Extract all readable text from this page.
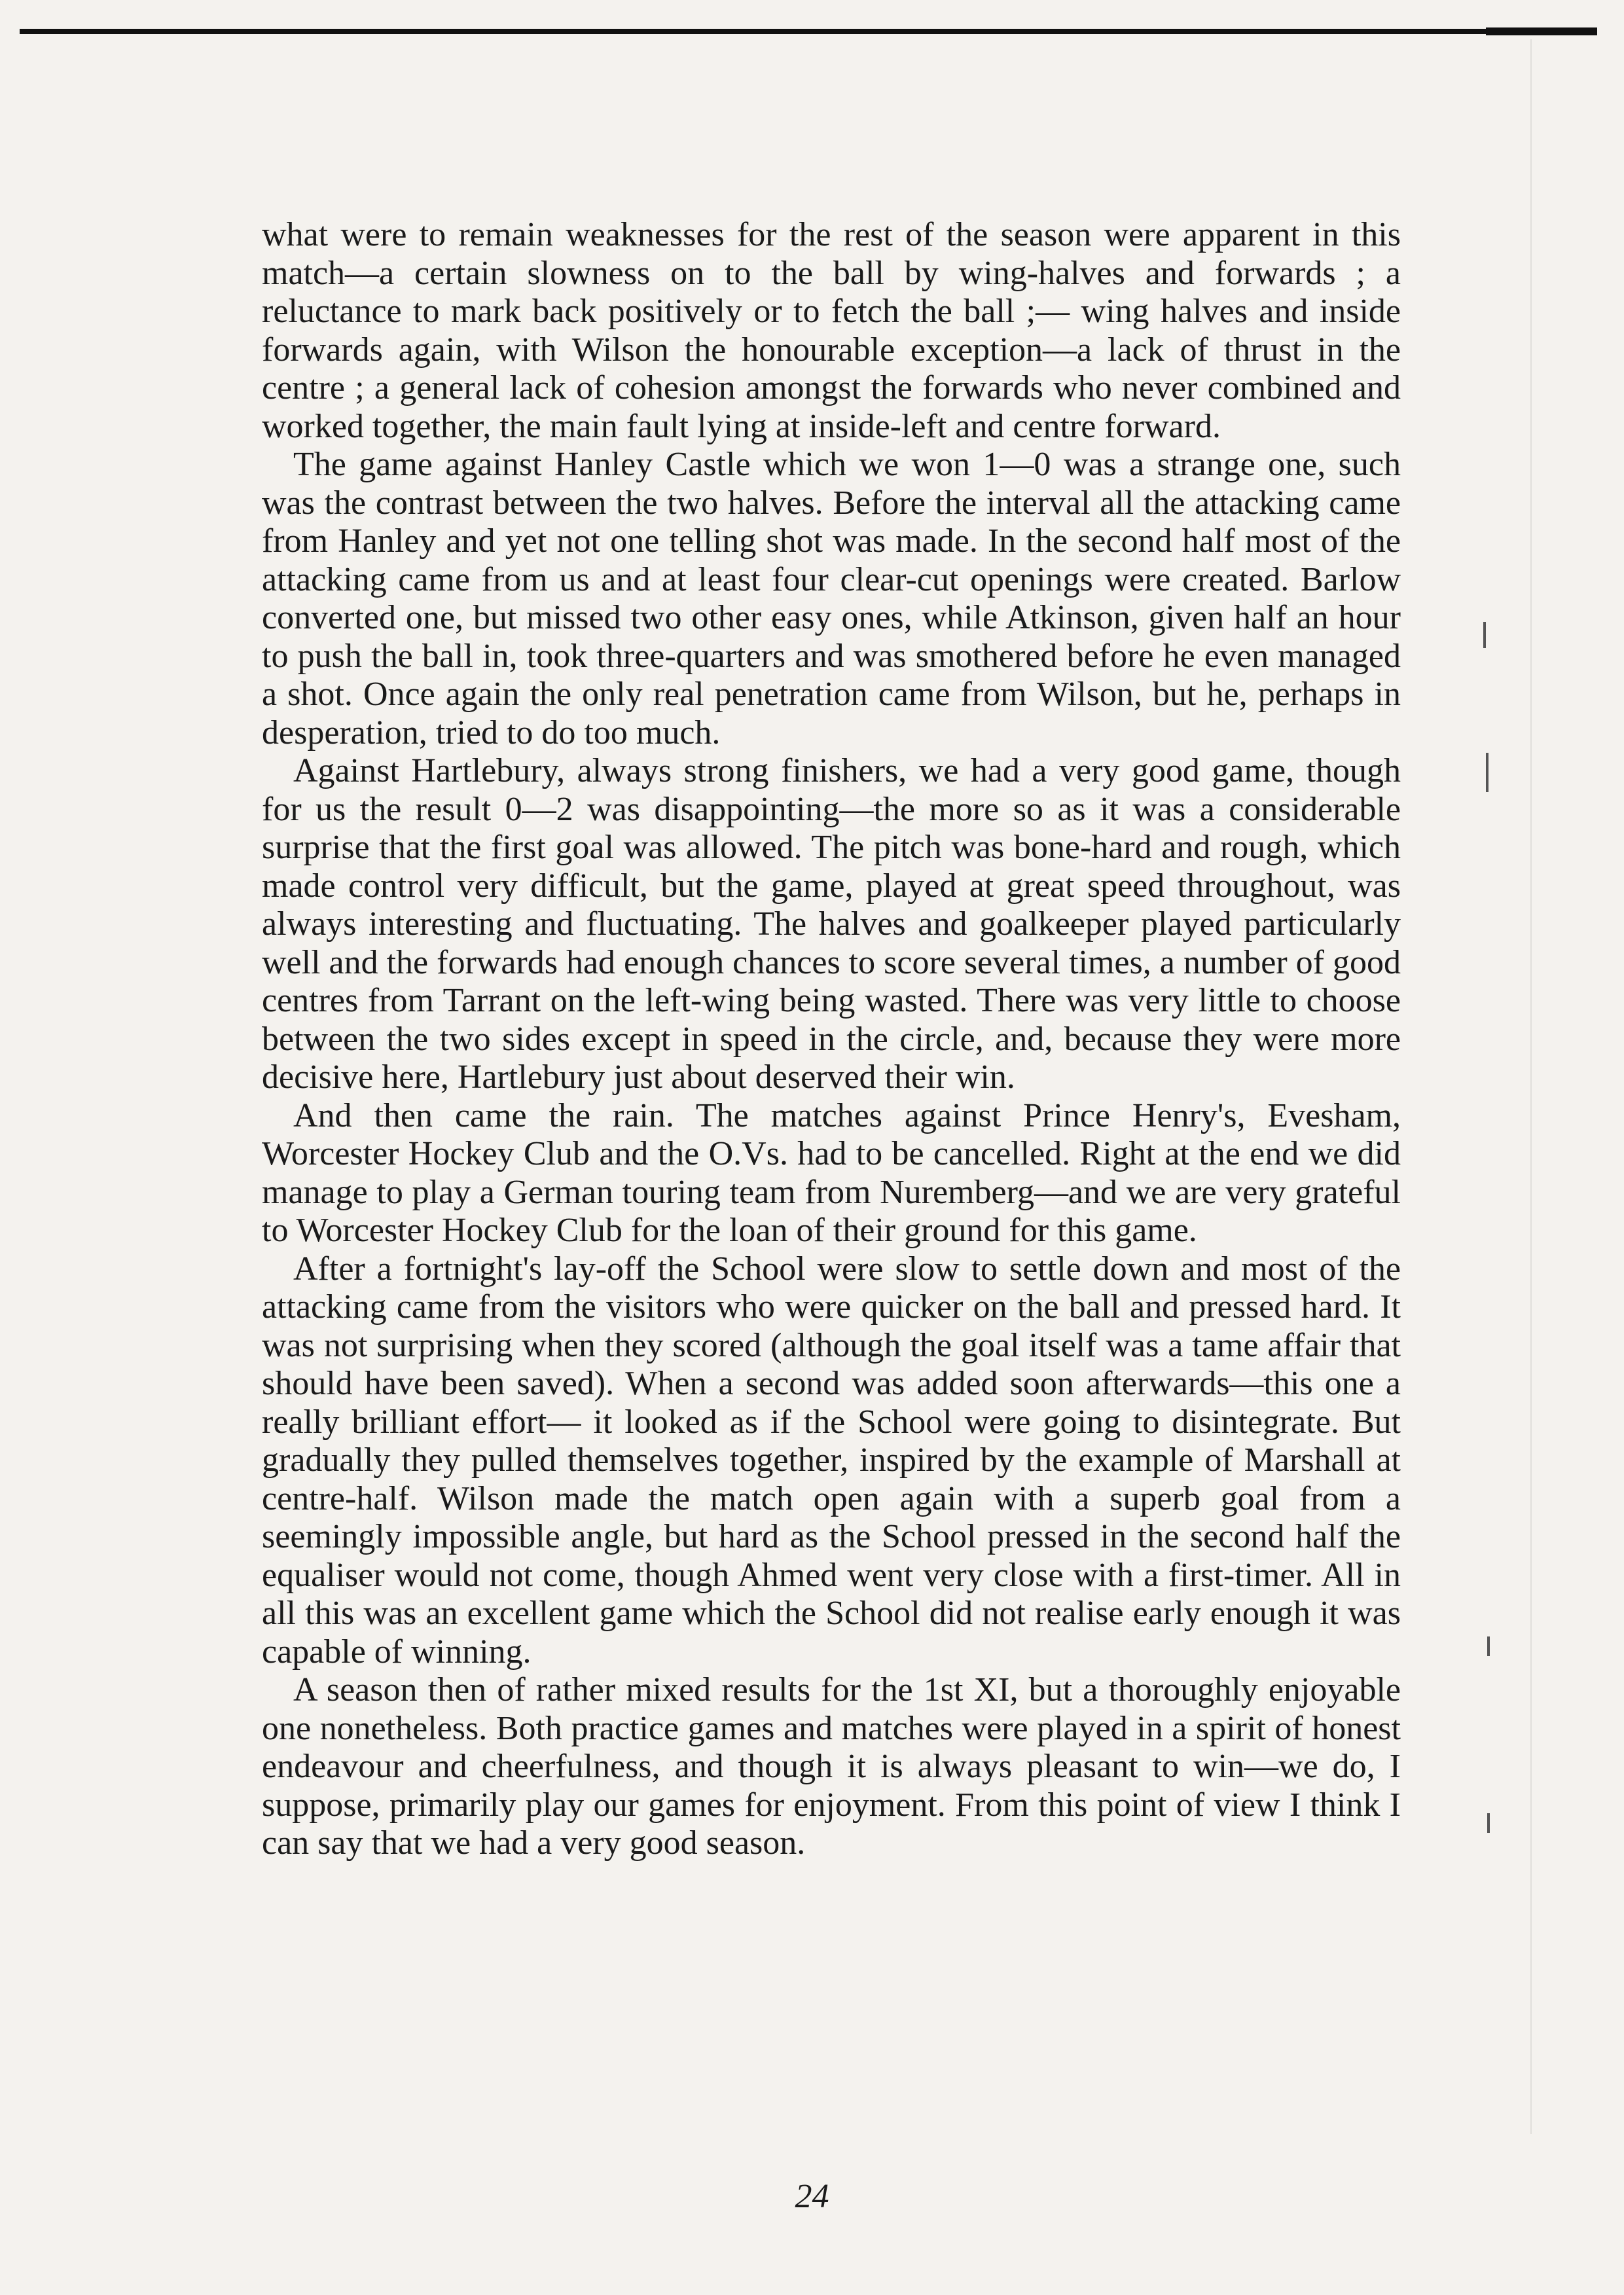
what were to remain weaknesses for the rest of the season were apparent in this match—a certain slowness on to the ball by wing-halves and forwards ; a reluctance to mark back positively or to fetch the ball ;— wing halves and inside forwards again, with Wilson the honourable exception—a lack of thrust in the centre ; a general lack of cohesion amongst the forwards who never combined and worked together, the main fault lying at inside-left and centre forward.

The game against Hanley Castle which we won 1—0 was a strange one, such was the contrast between the two halves. Before the interval all the attacking came from Hanley and yet not one telling shot was made. In the second half most of the attacking came from us and at least four clear-cut openings were created. Barlow converted one, but missed two other easy ones, while Atkinson, given half an hour to push the ball in, took three-quarters and was smothered before he even managed a shot. Once again the only real penetration came from Wilson, but he, perhaps in desperation, tried to do too much.

Against Hartlebury, always strong finishers, we had a very good game, though for us the result 0—2 was disappointing—the more so as it was a considerable surprise that the first goal was allowed. The pitch was bone-hard and rough, which made control very difficult, but the game, played at great speed throughout, was always interesting and fluctuating. The halves and goalkeeper played particularly well and the forwards had enough chances to score several times, a number of good centres from Tarrant on the left-wing being wasted. There was very little to choose between the two sides except in speed in the circle, and, because they were more decisive here, Hartlebury just about deserved their win.

And then came the rain. The matches against Prince Henry's, Evesham, Worcester Hockey Club and the O.Vs. had to be cancelled. Right at the end we did manage to play a German touring team from Nuremberg—and we are very grateful to Worcester Hockey Club for the loan of their ground for this game.

After a fortnight's lay-off the School were slow to settle down and most of the attacking came from the visitors who were quicker on the ball and pressed hard. It was not surprising when they scored (although the goal itself was a tame affair that should have been saved). When a second was added soon afterwards—this one a really brilliant effort— it looked as if the School were going to disintegrate. But gradually they pulled themselves together, inspired by the example of Marshall at centre-half. Wilson made the match open again with a superb goal from a seemingly impossible angle, but hard as the School pressed in the second half the equaliser would not come, though Ahmed went very close with a first-timer. All in all this was an excellent game which the School did not realise early enough it was capable of winning.

A season then of rather mixed results for the 1st XI, but a thoroughly enjoyable one nonetheless. Both practice games and matches were played in a spirit of honest endeavour and cheerfulness, and though it is always pleasant to win—we do, I suppose, primarily play our games for enjoyment. From this point of view I think I can say that we had a very good season.

24
